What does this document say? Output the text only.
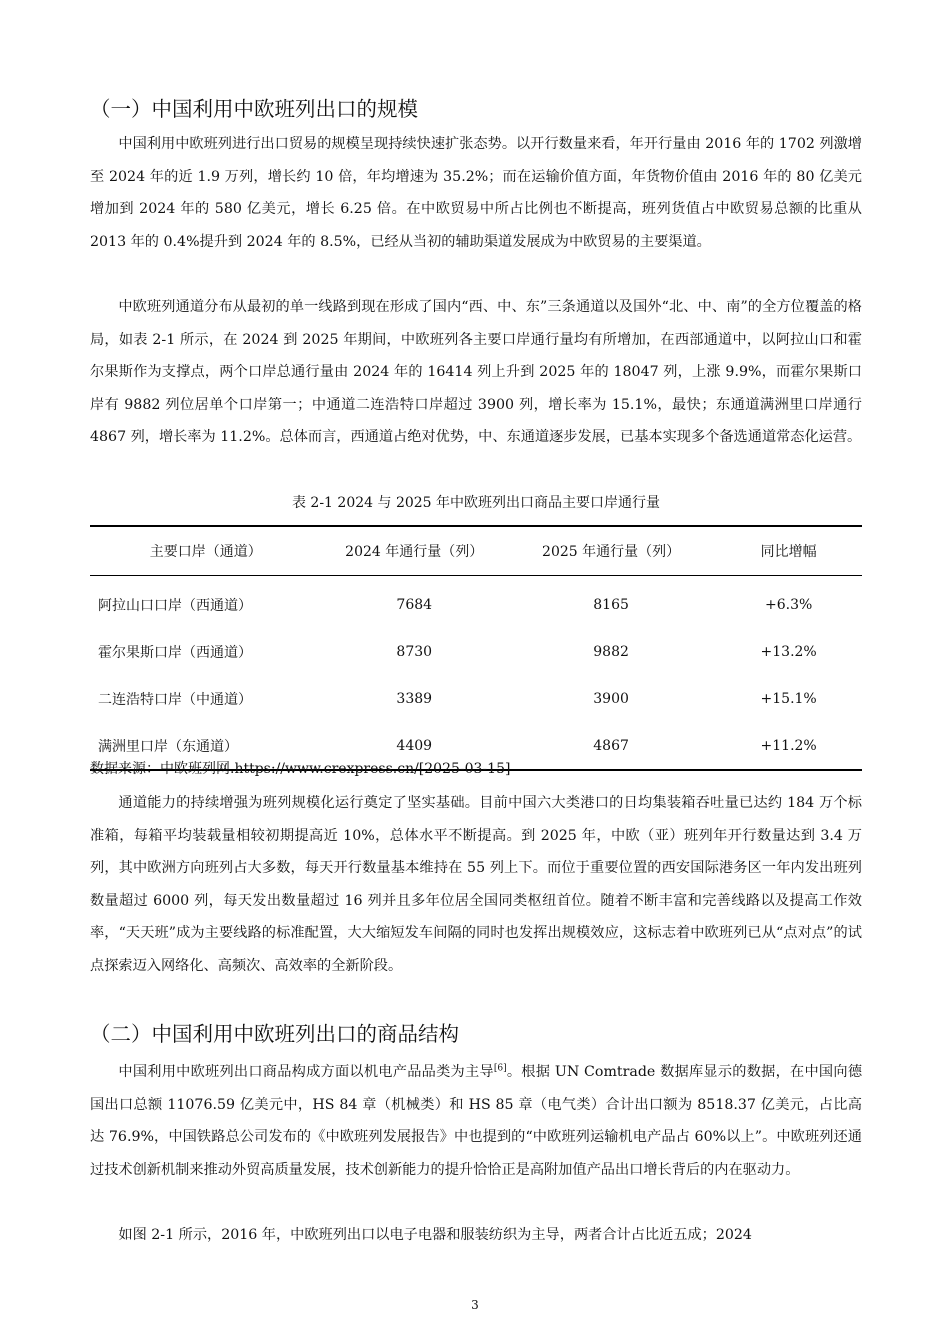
（一）中国利用中欧班列出口的规模

中国利用中欧班列进行出口贸易的规模呈现持续快速扩张态势。以开行数量来看，年开行量由 2016 年的 1702 列激增至 2024 年的近 1.9 万列，增长约 10 倍，年均增速为 35.2%；而在运输价值方面，年货物价值由 2016 年的 80 亿美元增加到 2024 年的 580 亿美元，增长 6.25 倍。在中欧贸易中所占比例也不断提高，班列货值占中欧贸易总额的比重从 2013 年的 0.4%提升到 2024 年的 8.5%，已经从当初的辅助渠道发展成为中欧贸易的主要渠道。

中欧班列通道分布从最初的单一线路到现在形成了国内“西、中、东”三条通道以及国外“北、中、南”的全方位覆盖的格局，如表 2-1 所示，在 2024 到 2025 年期间，中欧班列各主要口岸通行量均有所增加，在西部通道中，以阿拉山口和霍尔果斯作为支撑点，两个口岸总通行量由 2024 年的 16414 列上升到 2025 年的 18047 列，上涨 9.9%，而霍尔果斯口岸有 9882 列位居单个口岸第一；中通道二连浩特口岸超过 3900 列，增长率为 15.1%，最快；东通道满洲里口岸通行 4867 列，增长率为 11.2%。总体而言，西通道占绝对优势，中、东通道逐步发展，已基本实现多个备选通道常态化运营。

表 2-1 2024 与 2025 年中欧班列出口商品主要口岸通行量
主要口岸（通道）	2024 年通行量（列）	2025 年通行量（列）	同比增幅
阿拉山口口岸（西通道）	7684	8165	+6.3%
霍尔果斯口岸（西通道）	8730	9882	+13.2%
二连浩特口岸（中通道）	3389	3900	+15.1%
满洲里口岸（东通道）	4409	4867	+11.2%
数据来源：中欧班列网.https://www.crexpress.cn/[2025-03-15]

通道能力的持续增强为班列规模化运行奠定了坚实基础。目前中国六大类港口的日均集装箱吞吐量已达约 184 万个标准箱，每箱平均装载量相较初期提高近 10%，总体水平不断提高。到 2025 年，中欧（亚）班列年开行数量达到 3.4 万列，其中欧洲方向班列占大多数，每天开行数量基本维持在 55 列上下。而位于重要位置的西安国际港务区一年内发出班列数量超过 6000 列，每天发出数量超过 16 列并且多年位居全国同类枢纽首位。随着不断丰富和完善线路以及提高工作效率，“天天班”成为主要线路的标准配置，大大缩短发车间隔的同时也发挥出规模效应，这标志着中欧班列已从“点对点”的试点探索迈入网络化、高频次、高效率的全新阶段。

（二）中国利用中欧班列出口的商品结构

中国利用中欧班列出口商品构成方面以机电产品品类为主导[6]。根据 UN Comtrade 数据库显示的数据，在中国向德国出口总额 11076.59 亿美元中，HS 84 章（机械类）和 HS 85 章（电气类）合计出口额为 8518.37 亿美元，占比高达 76.9%，中国铁路总公司发布的《中欧班列发展报告》中也提到的“中欧班列运输机电产品占 60%以上”。中欧班列还通过技术创新机制来推动外贸高质量发展，技术创新能力的提升恰恰正是高附加值产品出口增长背后的内在驱动力。

如图 2-1 所示，2016 年，中欧班列出口以电子电器和服装纺织为主导，两者合计占比近五成；2024

3
